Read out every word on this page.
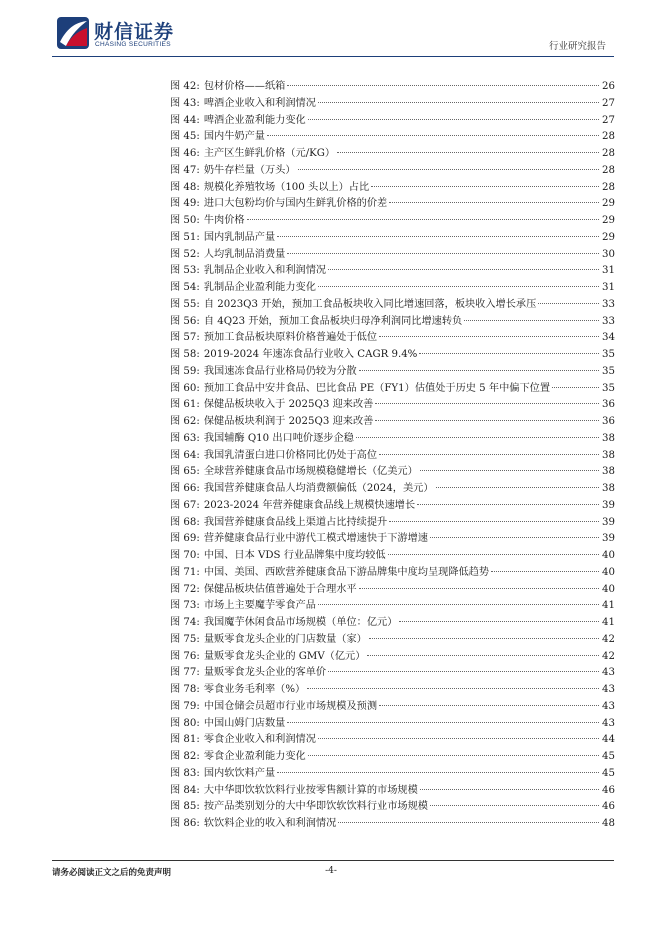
财信证券
CHASING SECURITIES	行业研究报告
图 42: 包材价格——纸箱	26
图 43: 啤酒企业收入和利润情况	27
图 44: 啤酒企业盈利能力变化	27
图 45: 国内牛奶产量	28
图 46: 主产区生鲜乳价格（元/KG）	28
图 47: 奶牛存栏量（万头）	28
图 48: 规模化养殖牧场（100 头以上）占比	28
图 49: 进口大包粉均价与国内生鲜乳价格的价差	29
图 50: 牛肉价格	29
图 51: 国内乳制品产量	29
图 52: 人均乳制品消费量	30
图 53: 乳制品企业收入和利润情况	31
图 54: 乳制品企业盈利能力变化	31
图 55: 自 2023Q3 开始，预加工食品板块收入同比增速回落，板块收入增长承压	33
图 56: 自 4Q23 开始，预加工食品板块归母净利润同比增速转负	33
图 57: 预加工食品板块原料价格普遍处于低位	34
图 58: 2019-2024 年速冻食品行业收入 CAGR 9.4%	35
图 59: 我国速冻食品行业格局仍较为分散	35
图 60: 预加工食品中安井食品、巴比食品 PE（FY1）估值处于历史 5 年中偏下位置	35
图 61: 保健品板块收入于 2025Q3 迎来改善	36
图 62: 保健品板块利润于 2025Q3 迎来改善	36
图 63: 我国辅酶 Q10 出口吨价逐步企稳	38
图 64: 我国乳清蛋白进口价格同比仍处于高位	38
图 65: 全球营养健康食品市场规模稳健增长（亿美元）	38
图 66: 我国营养健康食品人均消费额偏低（2024，美元）	38
图 67: 2023-2024 年营养健康食品线上规模快速增长	39
图 68: 我国营养健康食品线上渠道占比持续提升	39
图 69: 营养健康食品行业中游代工模式增速快于下游增速	39
图 70: 中国、日本 VDS 行业品牌集中度均较低	40
图 71: 中国、美国、西欧营养健康食品下游品牌集中度均呈现降低趋势	40
图 72: 保健品板块估值普遍处于合理水平	40
图 73: 市场上主要魔芋零食产品	41
图 74: 我国魔芋休闲食品市场规模（单位：亿元）	41
图 75: 量贩零食龙头企业的门店数量（家）	42
图 76: 量贩零食龙头企业的 GMV（亿元）	42
图 77: 量贩零食龙头企业的客单价	43
图 78: 零食业务毛利率（%）	43
图 79: 中国仓储会员超市行业市场规模及预测	43
图 80: 中国山姆门店数量	43
图 81: 零食企业收入和利润情况	44
图 82: 零食企业盈利能力变化	45
图 83: 国内软饮料产量	45
图 84: 大中华即饮软饮料行业按零售额计算的市场规模	46
图 85: 按产品类别划分的大中华即饮软饮料行业市场规模	46
图 86: 软饮料企业的收入和利润情况	48
请务必阅读正文之后的免责声明	-4-
